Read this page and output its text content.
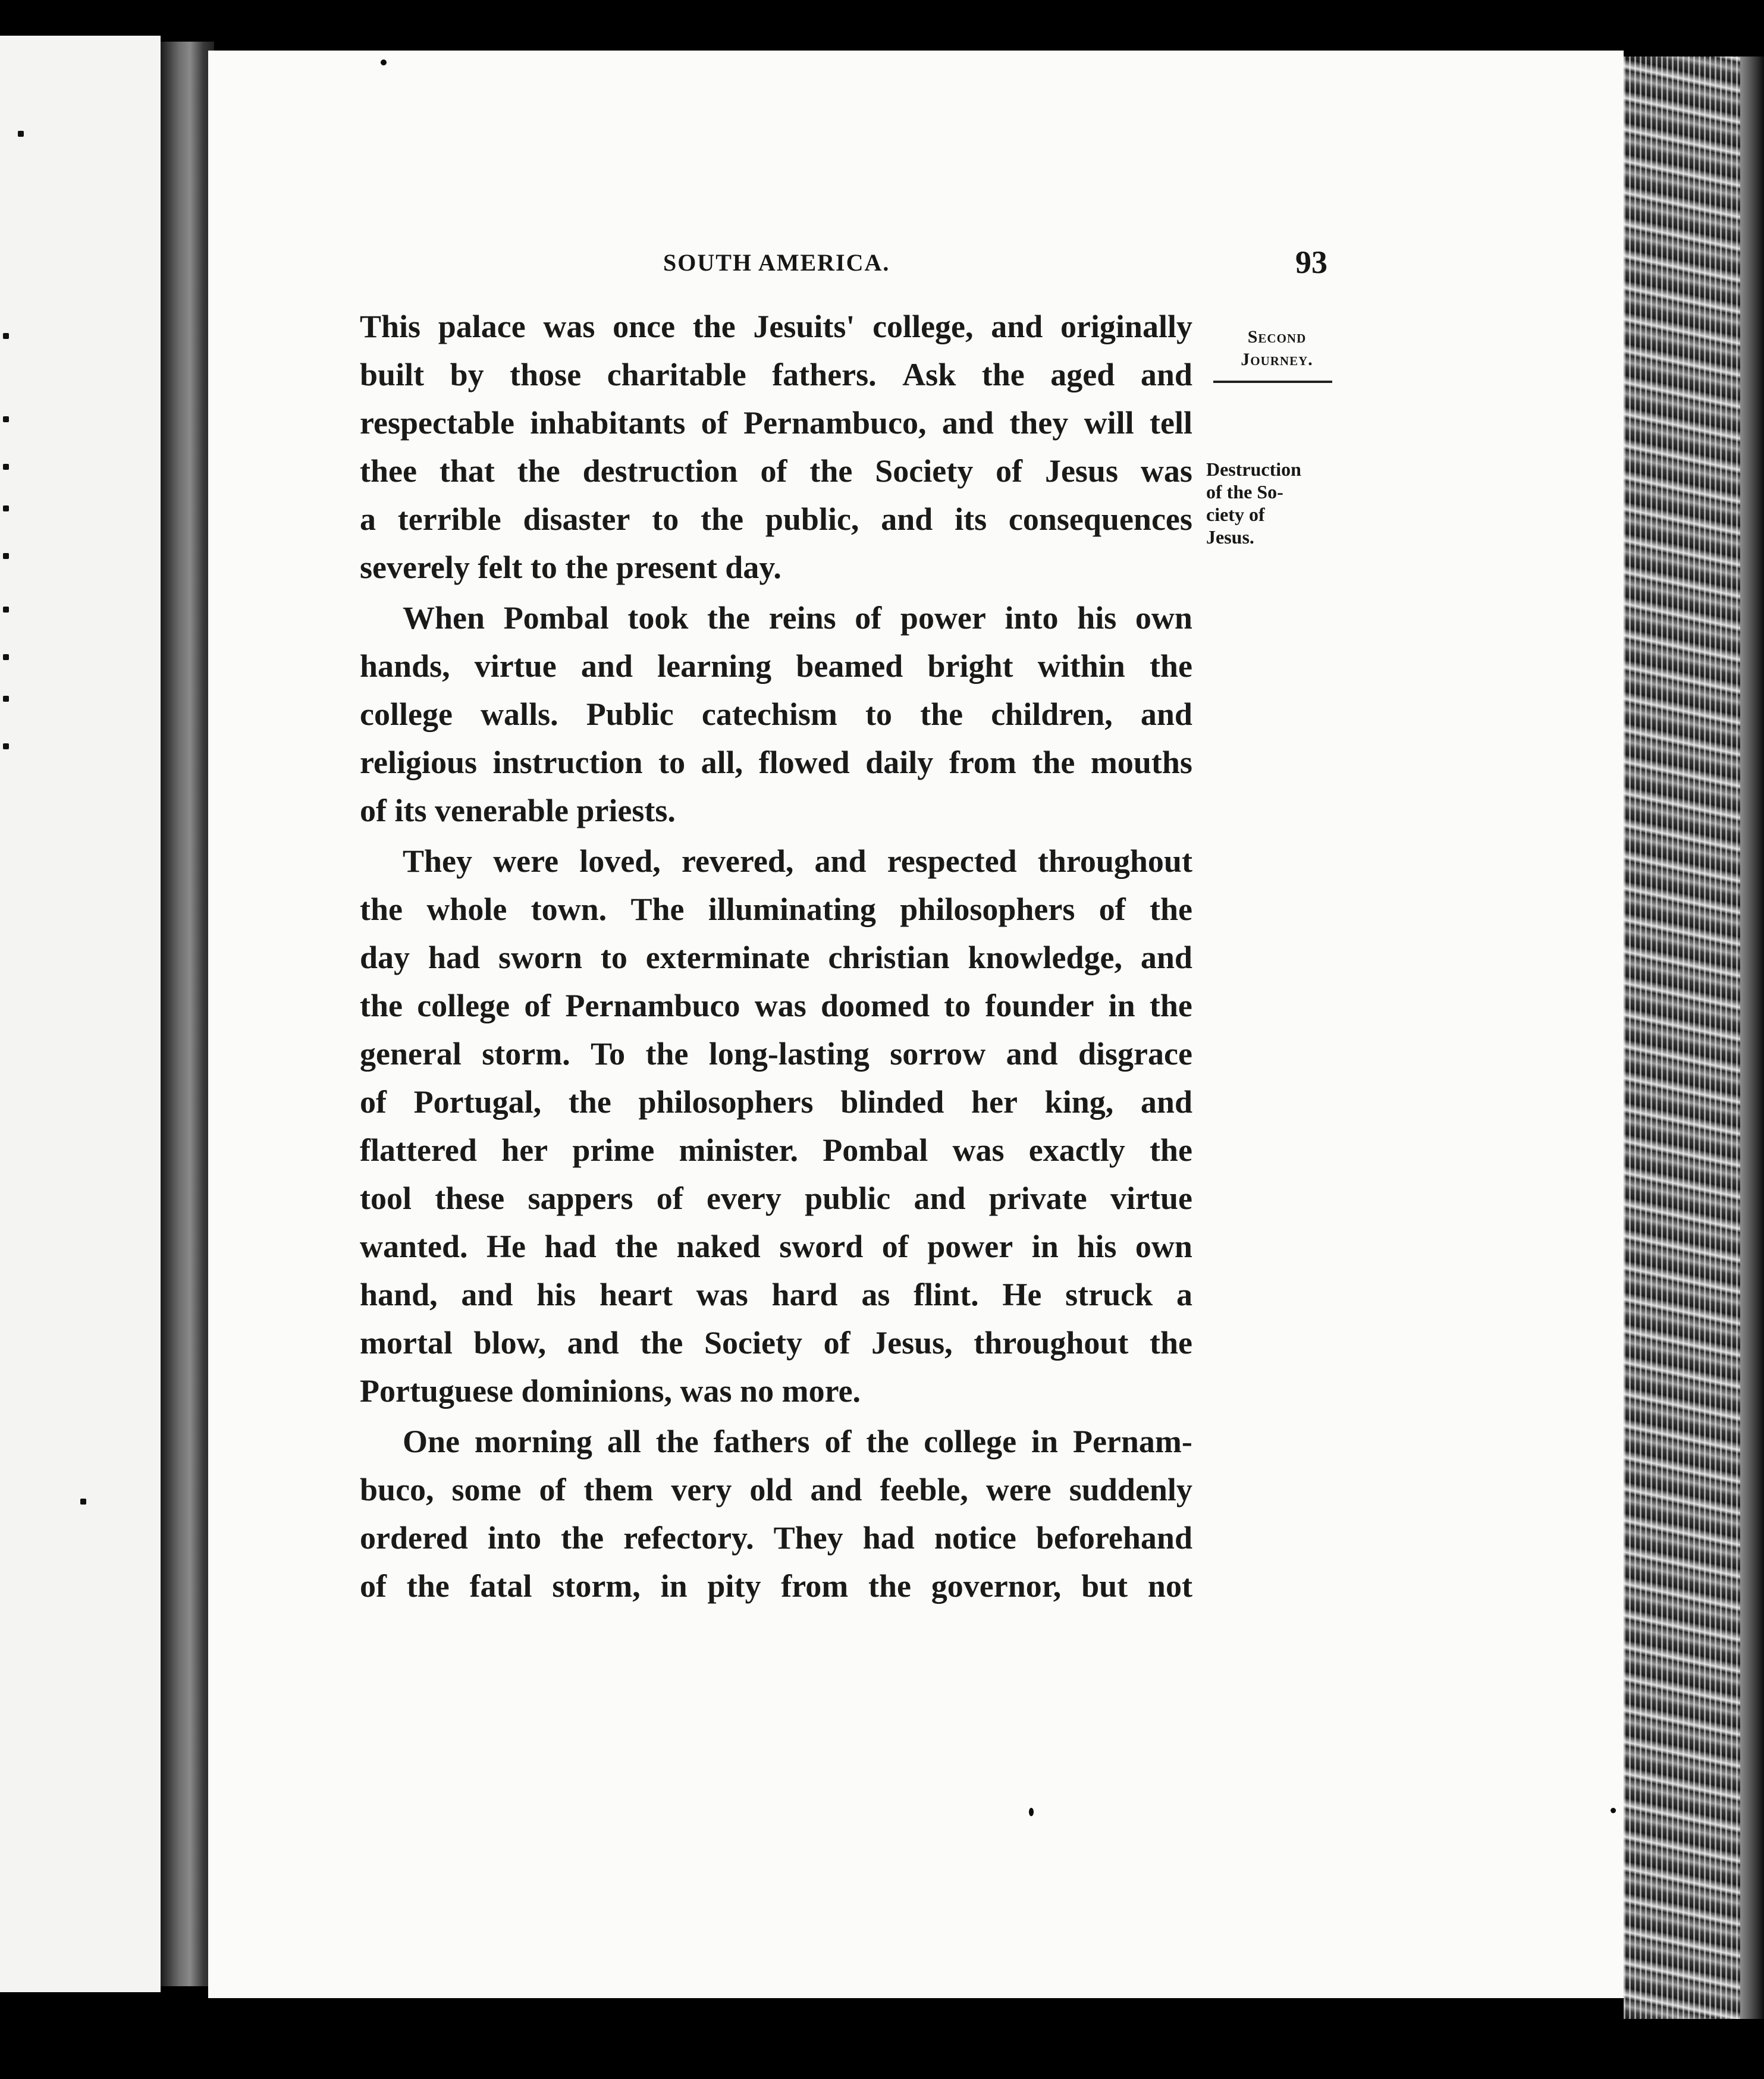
SOUTH AMERICA.	93
Second
Journey.
Destruction
of the So-
ciety of
Jesus.
This palace was once the Jesuits' college, and originally
built by those charitable fathers. Ask the aged and
respectable inhabitants of Pernambuco, and they will tell
thee that the destruction of the Society of Jesus was
a terrible disaster to the public, and its consequences
severely felt to the present day.
When Pombal took the reins of power into his own
hands, virtue and learning beamed bright within the
college walls. Public catechism to the children, and
religious instruction to all, flowed daily from the mouths
of its venerable priests.
They were loved, revered, and respected throughout
the whole town. The illuminating philosophers of the
day had sworn to exterminate christian knowledge, and
the college of Pernambuco was doomed to founder in the
general storm. To the long-lasting sorrow and disgrace
of Portugal, the philosophers blinded her king, and
flattered her prime minister. Pombal was exactly the
tool these sappers of every public and private virtue
wanted. He had the naked sword of power in his own
hand, and his heart was hard as flint. He struck a
mortal blow, and the Society of Jesus, throughout the
Portuguese dominions, was no more.
One morning all the fathers of the college in Pernam-
buco, some of them very old and feeble, were suddenly
ordered into the refectory. They had notice beforehand
of the fatal storm, in pity from the governor, but not
